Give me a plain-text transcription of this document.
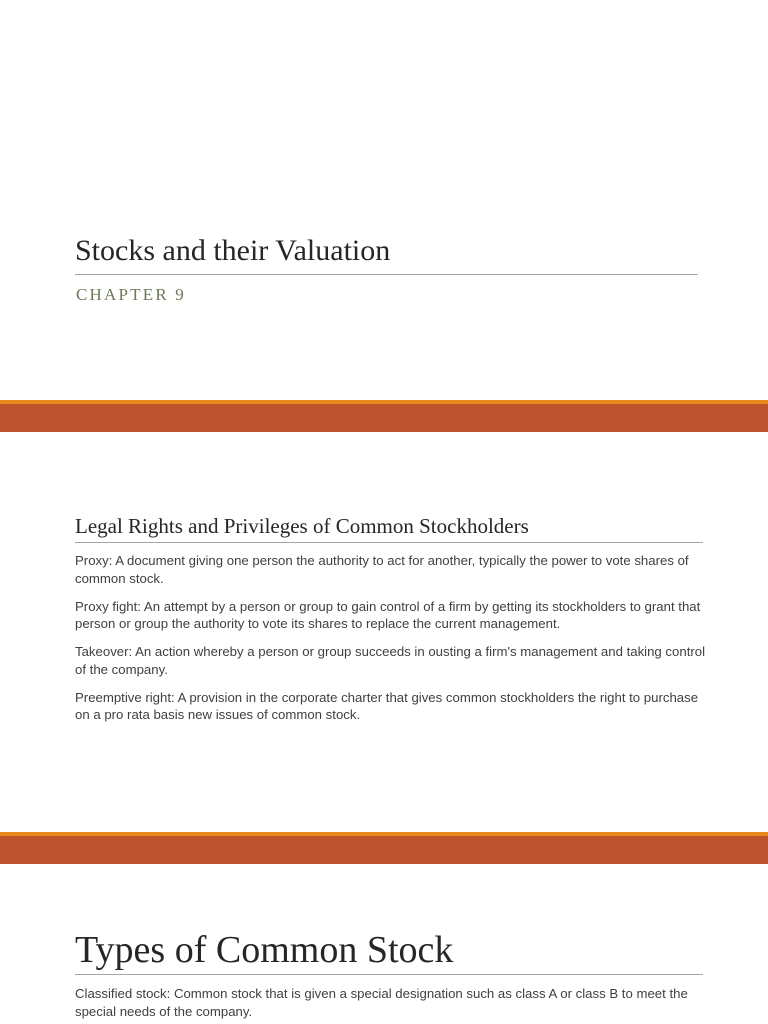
Stocks and their Valuation
CHAPTER 9
Legal Rights and Privileges of Common Stockholders

Proxy: A document giving one person the authority to act for another, typically the power to vote shares of common stock.

Proxy fight: An attempt by a person or group to gain control of a firm by getting its stockholders to grant that person or group the authority to vote its shares to replace the current management.

Takeover: An action whereby a person or group succeeds in ousting a firm's management and taking control of the company.

Preemptive right: A provision in the corporate charter that gives common stockholders the right to purchase on a pro rata basis new issues of common stock.

Types of Common Stock

Classified stock: Common stock that is given a special designation such as class A or class B to meet the special needs of the company.
